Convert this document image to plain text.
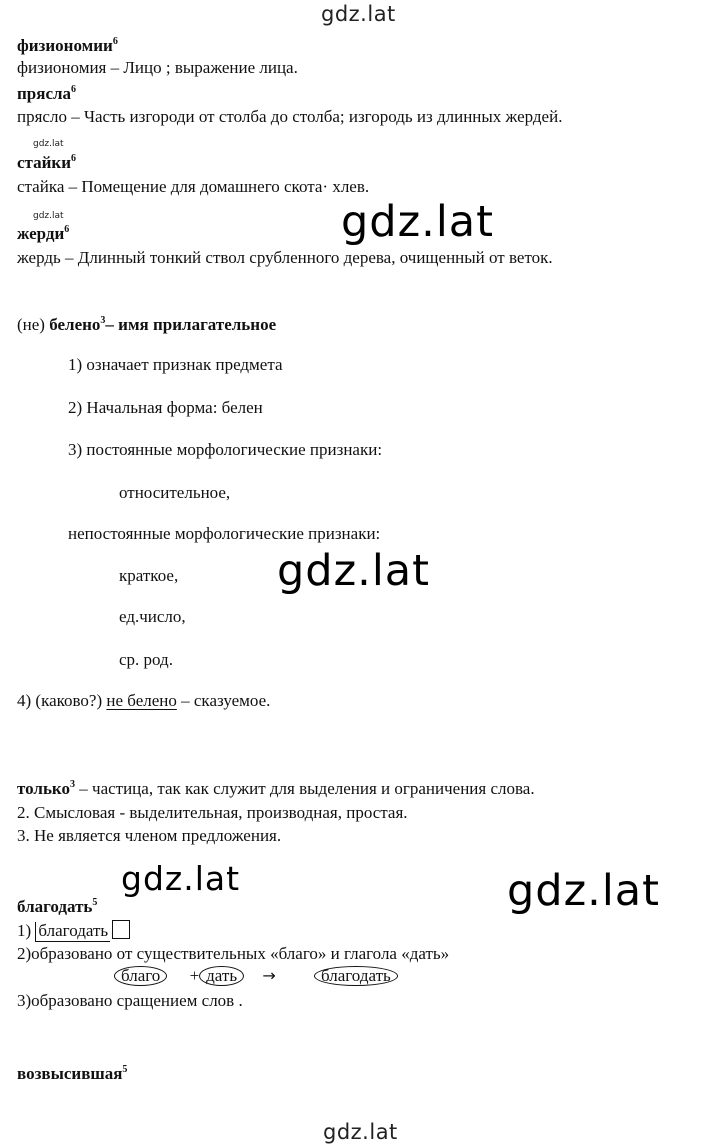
gdz.lat
gdz.lat
gdz.lat	gdz.lat
gdz.lat
gdz.lat	gdz.lat
gdz.lat
физиономии$^6$
физиономия – Лицо ; выражение лица.
прясла$^6$
прясло – Часть изгороди от столба до столба; изгородь из длинных жердей.
стайки$^6$
стайка – Помещение для домашнего скота· хлев.
жерди$^6$
жердь – Длинный тонкий ствол срубленного дерева, очищенный от веток.
(не) белено$^3$– имя прилагательное
1) означает признак предмета
2) Начальная форма: белен
3) постоянные морфологические признаки:
относительное,
непостоянные морфологические признаки:
краткое,
ед.число,
ср. род.
4) (каково?) не белено – сказуемое.
только$^3$ – частица, так как служит для выделения и ограничения слова.
2. Смысловая - выделительная, производная, простая.
3. Не является членом предложения.
благодать$^5$
1) благодать
2)образовано от существительных «благо» и глагола «дать»
благо + дать →	благодать
3)образовано сращением слов .
возвысившая$^5$
